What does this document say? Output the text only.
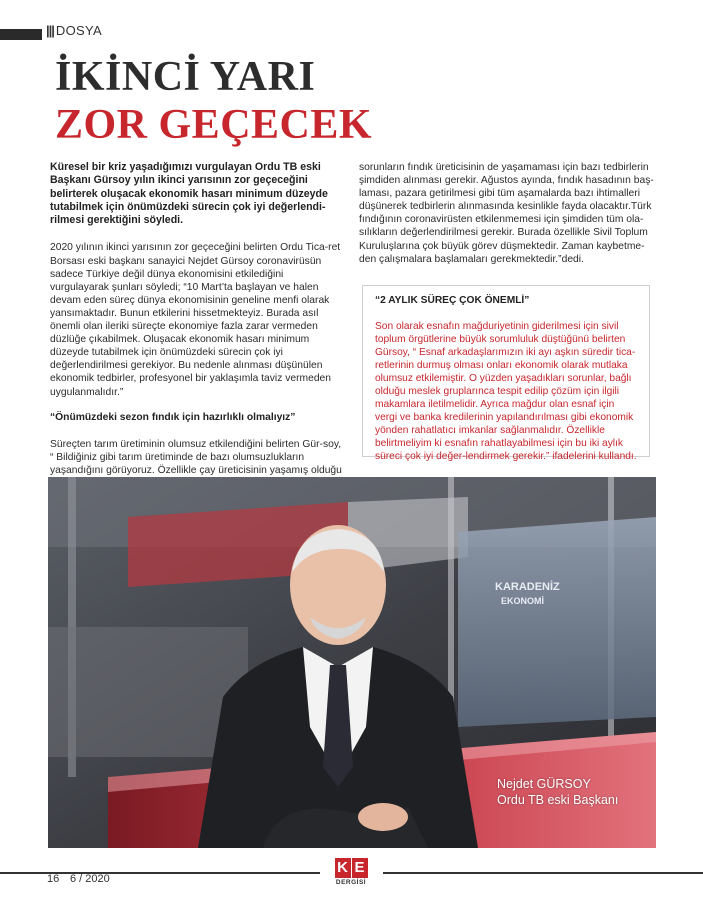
||| DOSYA
İKİNCİ YARI
ZOR GEÇECEK

Küresel bir kriz yaşadığımızı vurgulayan Ordu TB eski Başkanı Gürsoy yılın ikinci yarısının zor geçeceğini belirterek oluşacak ekonomik hasarı minimum düzeyde tutabilmek için önümüzdeki sürecin çok iyi değerlendi-rilmesi gerektiğini söyledi.

2020 yılının ikinci yarısının zor geçeceğini belirten Ordu Tica-ret Borsası eski başkanı sanayici Nejdet Gürsoy coronavirüsün sadece Türkiye değil dünya ekonomisini etkilediğini vurgulayarak şunları söyledi; “10 Mart’ta başlayan ve halen devam eden süreç dünya ekonomisinin geneline menfi olarak yansımaktadır. Bunun etkilerini hissetmekteyiz. Burada asıl önemli olan ileriki süreçte ekonomiye fazla zarar vermeden düzlüğe çıkabilmek. Oluşacak ekonomik hasarı minimum düzeyde tutabilmek için önümüzdeki sürecin çok iyi değerlendirilmesi gerekiyor. Bu nedenle alınması düşünülen ekonomik tedbirler, profesyonel bir yaklaşımla taviz vermeden uygulanmalıdır.”

“Önümüzdeki sezon fındık için hazırlıklı olmalıyız”

Süreçten tarım üretiminin olumsuz etkilendiğini belirten Gür-soy, “ Bildiğiniz gibi tarım üretiminde de bazı olumsuzlukların yaşandığını görüyoruz. Özellikle çay üreticisinin yaşamış olduğu

sorunların fındık üreticisinin de yaşamaması için bazı tedbirlerin şimdiden alınması gerekir. Ağustos ayında, fındık hasadının baş-laması, pazara getirilmesi gibi tüm aşamalarda bazı ihtimalleri düşünerek tedbirlerin alınmasında kesinlikle fayda olacaktır.Türk fındığının coronavirüsten etkilenmemesi için şimdiden tüm ola-sılıkların değerlendirilmesi gerekir. Burada özellikle Sivil Toplum Kuruluşlarına çok büyük görev düşmektedir. Zaman kaybetme-den çalışmalara başlamaları gerekmektedir.”dedi.

“2 AYLIK SÜREÇ ÇOK ÖNEMLİ”

Son olarak esnafın mağduriyetinin giderilmesi için sivil toplum örgütlerine büyük sorumluluk düştüğünü belirten Gürsoy, “ Esnaf arkadaşlarımızın iki ayı aşkın süredir tica-retlerinin durmuş olması onları ekonomik olarak mutlaka olumsuz etkilemiştir. O yüzden yaşadıkları sorunlar, bağlı olduğu meslek gruplarınca tespit edilip çözüm için ilgili makamlara iletilmelidir. Ayrıca mağdur olan esnaf için vergi ve banka kredilerinin yapılandırılması gibi ekonomik yönden rahatlatıcı imkanlar sağlanmalıdır. Özellikle belirtmeliyim ki esnafın rahatlayabilmesi için bu iki aylık süreci çok iyi değer-lendirmek gerekir.” ifadelerini kullandı.

KARADENİZ
EKONOMİ
Nejdet GÜRSOY
Ordu TB eski Başkanı
16 6 / 2020
K E
DERGİSİ
